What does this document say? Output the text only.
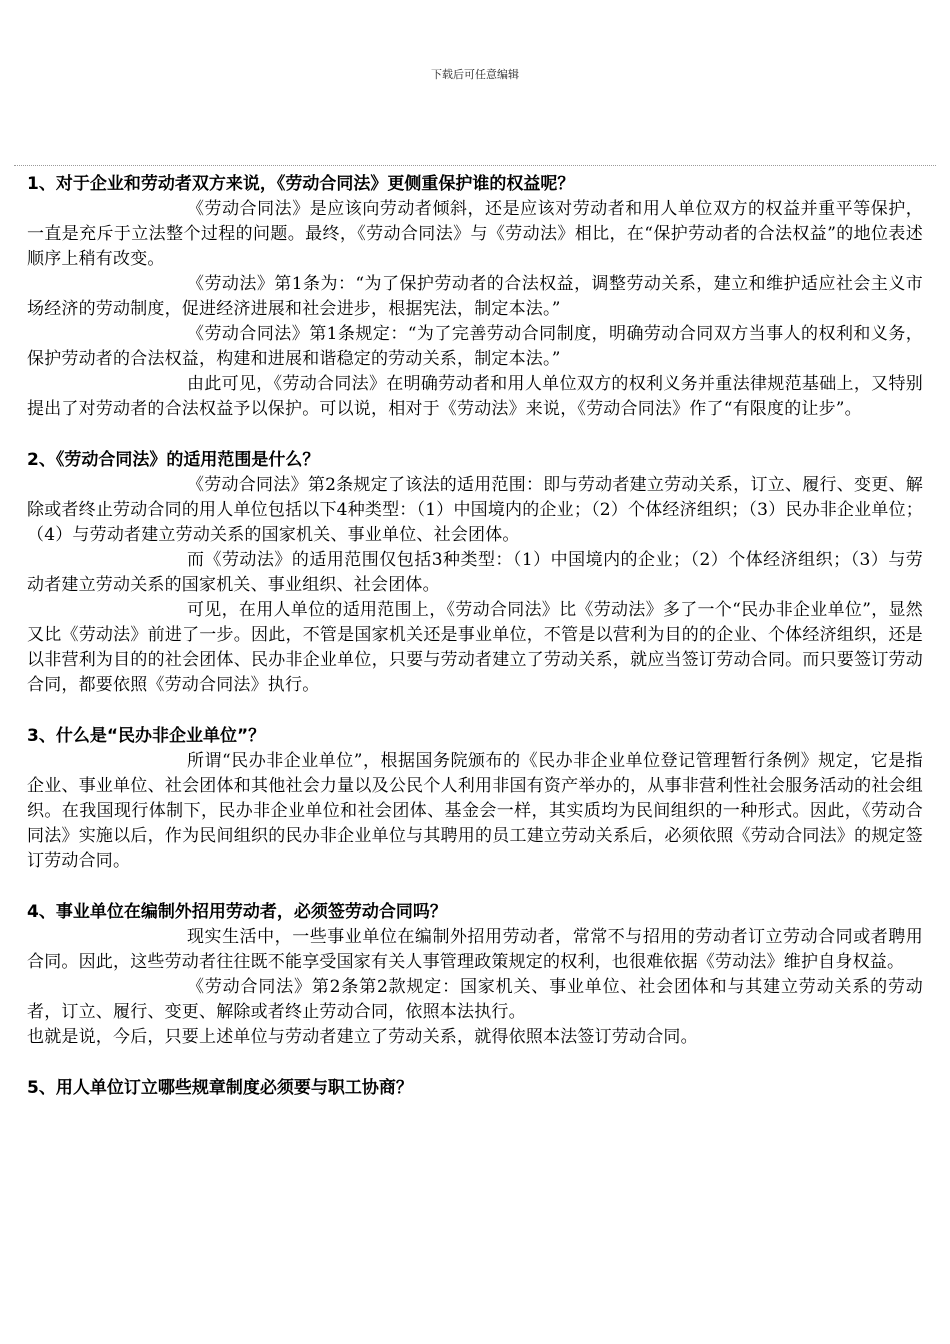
下载后可任意编辑
1、对于企业和劳动者双方来说，《劳动合同法》更侧重保护谁的权益呢？

《劳动合同法》是应该向劳动者倾斜，还是应该对劳动者和用人单位双方的权益并重平等保护，一直是充斥于立法整个过程的问题。最终，《劳动合同法》与《劳动法》相比，在“保护劳动者的合法权益”的地位表述顺序上稍有改变。

《劳动法》第1条为：“为了保护劳动者的合法权益，调整劳动关系，建立和维护适应社会主义市场经济的劳动制度，促进经济进展和社会进步，根据宪法，制定本法。”

《劳动合同法》第1条规定：“为了完善劳动合同制度，明确劳动合同双方当事人的权利和义务，保护劳动者的合法权益，构建和进展和谐稳定的劳动关系，制定本法。”

由此可见，《劳动合同法》在明确劳动者和用人单位双方的权利义务并重法律规范基础上，又特别提出了对劳动者的合法权益予以保护。可以说，相对于《劳动法》来说，《劳动合同法》作了“有限度的让步”。

2、《劳动合同法》的适用范围是什么？

《劳动合同法》第2条规定了该法的适用范围：即与劳动者建立劳动关系，订立、履行、变更、解除或者终止劳动合同的用人单位包括以下4种类型：（1）中国境内的企业；（2）个体经济组织；（3）民办非企业单位；（4）与劳动者建立劳动关系的国家机关、事业单位、社会团体。

而《劳动法》的适用范围仅包括3种类型：（1）中国境内的企业；（2）个体经济组织；（3）与劳动者建立劳动关系的国家机关、事业组织、社会团体。

可见，在用人单位的适用范围上，《劳动合同法》比《劳动法》多了一个“民办非企业单位”，显然又比《劳动法》前进了一步。因此，不管是国家机关还是事业单位，不管是以营利为目的的企业、个体经济组织，还是以非营利为目的的社会团体、民办非企业单位，只要与劳动者建立了劳动关系，就应当签订劳动合同。而只要签订劳动合同，都要依照《劳动合同法》执行。

3、什么是“民办非企业单位”？

所谓“民办非企业单位”，根据国务院颁布的《民办非企业单位登记管理暂行条例》规定，它是指企业、事业单位、社会团体和其他社会力量以及公民个人利用非国有资产举办的，从事非营利性社会服务活动的社会组织。在我国现行体制下，民办非企业单位和社会团体、基金会一样，其实质均为民间组织的一种形式。因此，《劳动合同法》实施以后，作为民间组织的民办非企业单位与其聘用的员工建立劳动关系后，必须依照《劳动合同法》的规定签订劳动合同。

4、事业单位在编制外招用劳动者，必须签劳动合同吗？

现实生活中，一些事业单位在编制外招用劳动者，常常不与招用的劳动者订立劳动合同或者聘用合同。因此，这些劳动者往往既不能享受国家有关人事管理政策规定的权利，也很难依据《劳动法》维护自身权益。

《劳动合同法》第2条第2款规定：国家机关、事业单位、社会团体和与其建立劳动关系的劳动者，订立、履行、变更、解除或者终止劳动合同，依照本法执行。

也就是说，今后，只要上述单位与劳动者建立了劳动关系，就得依照本法签订劳动合同。

5、用人单位订立哪些规章制度必须要与职工协商？
